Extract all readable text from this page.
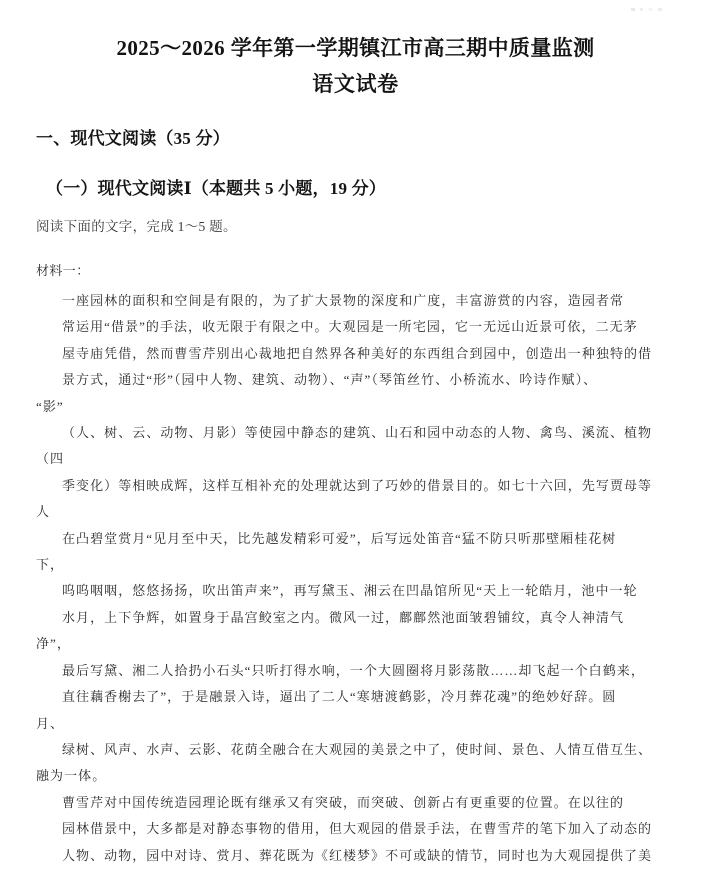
2025～2026 学年第一学期镇江市高三期中质量监测
语文试卷
一、现代文阅读（35 分）
（一）现代文阅读Ⅰ（本题共 5 小题，19 分）
阅读下面的文字，完成 1～5 题。
材料一：
一座园林的面积和空间是有限的，为了扩大景物的深度和广度，丰富游赏的内容，造园者常
常运用“借景”的手法，收无限于有限之中。大观园是一所宅园，它一无远山近景可依，二无茅
屋寺庙凭借，然而曹雪芹别出心裁地把自然界各种美好的东西组合到园中，创造出一种独特的借
景方式，通过“形”（园中人物、建筑、动物）、“声”（琴笛丝竹、小桥流水、吟诗作赋）、
“影”
（人、树、云、动物、月影）等使园中静态的建筑、山石和园中动态的人物、禽鸟、溪流、植物
（四
季变化）等相映成辉，这样互相补充的处理就达到了巧妙的借景目的。如七十六回，先写贾母等
人
在凸碧堂赏月“见月至中天，比先越发精彩可爱”，后写远处笛音“猛不防只听那壁厢桂花树
下，
呜呜咽咽，悠悠扬扬，吹出笛声来”，再写黛玉、湘云在凹晶馆所见“天上一轮皓月，池中一轮
水月，上下争辉，如置身于晶宫鲛室之内。微风一过，鄜鄜然池面皱碧铺纹，真令人神清气
净”，
最后写黛、湘二人拾扔小石头“只听打得水响，一个大圆圈将月影荡散……却飞起一个白鹤来，
直往藕香榭去了”，于是融景入诗，逼出了二人“寒塘渡鹤影，冷月葬花魂”的绝妙好辞。圆
月、
绿树、风声、水声、云影、花荫全融合在大观园的美景之中了，使时间、景色、人情互借互生、
融为一体。
曹雪芹对中国传统造园理论既有继承又有突破，而突破、创新占有更重要的位置。在以往的
园林借景中，大多都是对静态事物的借用，但大观园的借景手法，在曹雪芹的笔下加入了动态的
人物、动物，园中对诗、赏月、葬花既为《红楼梦》不可或缺的情节，同时也为大观园提供了美
